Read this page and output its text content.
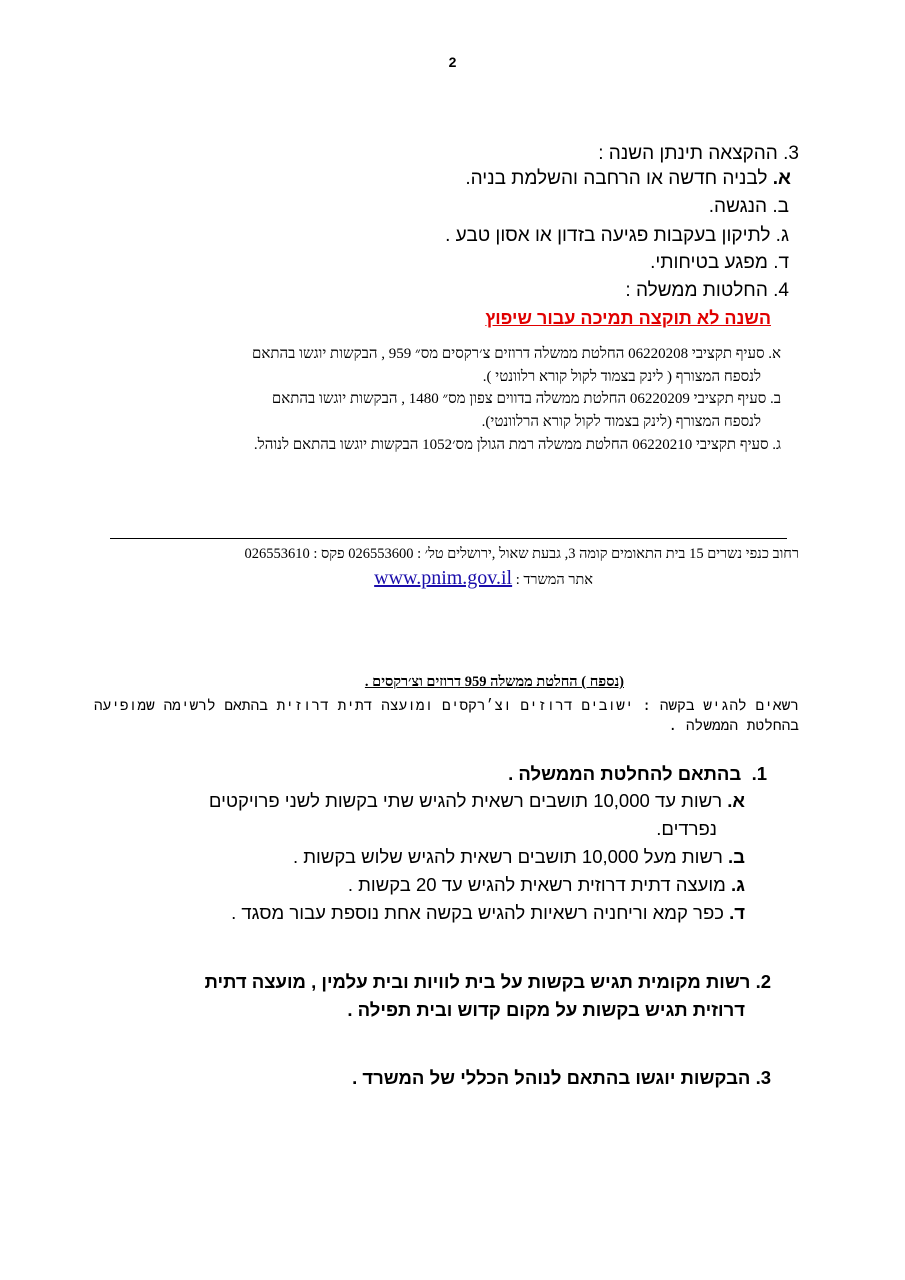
2
3. ההקצאה תינתן השנה :
א. לבניה חדשה או הרחבה והשלמת בניה.
ב. הנגשה.
ג. לתיקון בעקבות פגיעה בזדון או אסון טבע .
ד. מפגע בטיחותי.
4. החלטות ממשלה :
השנה לא תוקצה תמיכה עבור שיפוץ
א. סעיף תקציבי 06220208 החלטת ממשלה דרוזים צ׳רקסים מס״ 959 , הבקשות יוגשו בהתאם
לנספח המצורף ( לינק בצמוד לקול קורא רלוונטי ).
ב. סעיף תקציבי 06220209 החלטת ממשלה בדווים צפון מס״ 1480 , הבקשות יוגשו בהתאם
לנספח המצורף (לינק בצמוד לקול קורא הרלוונטי).
ג. סעיף תקציבי 06220210 החלטת ממשלה רמת הגולן מס׳1052 הבקשות יוגשו בהתאם לנוהל.
רחוב כנפי נשרים 15 בית התאומים קומה 3, גבעת שאול ,ירושלים טל׳ : 026553600 פקס : 026553610
אתר המשרד : www.pnim.gov.il
(נספח ) החלטת ממשלה 959 דרוזים וצ׳רקסים .
רשאים להגיש בקשה : ישובים דרוזים וצ׳רקסים ומועצה דתית דרוזית בהתאם לרשימה שמופיעה
בהחלטת הממשלה .
1.  בהתאם להחלטת הממשלה .
א. רשות עד 10,000 תושבים רשאית להגיש שתי בקשות לשני פרויקטים
נפרדים.
ב. רשות מעל 10,000 תושבים רשאית להגיש שלוש בקשות .
ג. מועצה דתית דרוזית רשאית להגיש עד 20 בקשות .
ד. כפר קמא וריחניה רשאיות להגיש בקשה אחת נוספת עבור מסגד .
2. רשות מקומית תגיש בקשות על בית לוויות ובית עלמין , מועצה דתית
דרוזית תגיש בקשות על מקום קדוש ובית תפילה .
3. הבקשות יוגשו בהתאם לנוהל הכללי של המשרד .
